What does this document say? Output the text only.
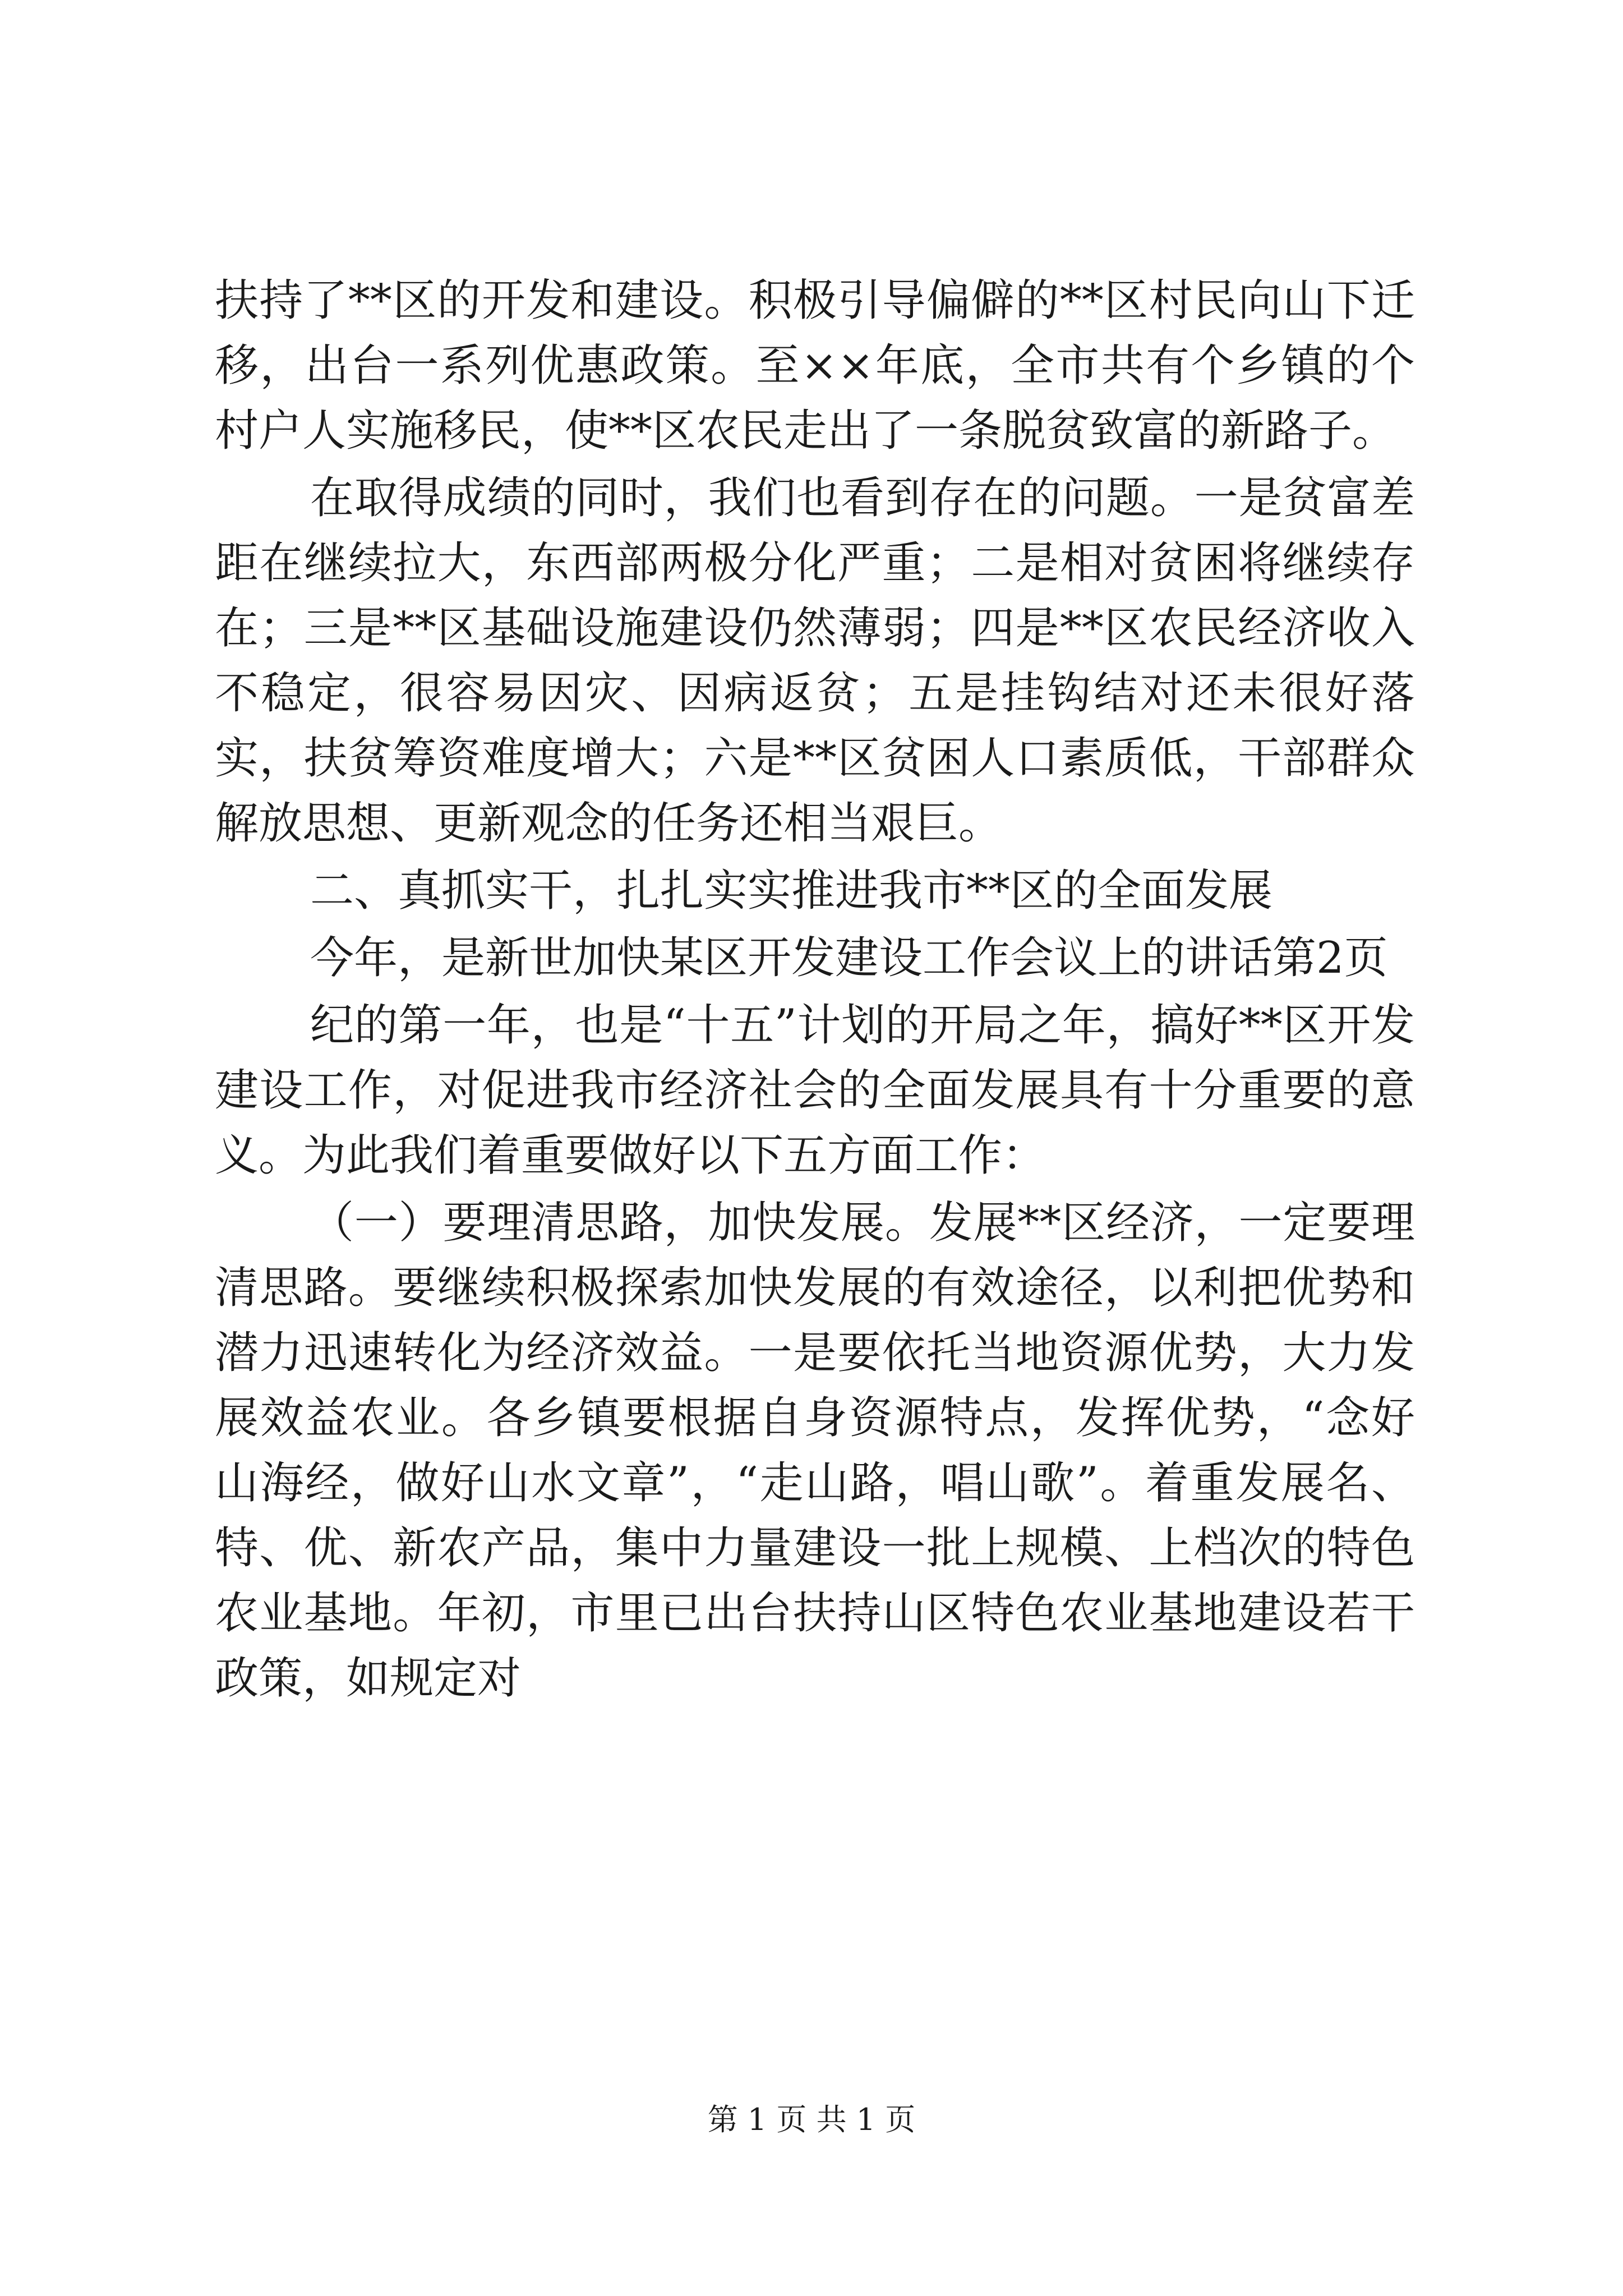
扶持了**区的开发和建设。积极引导偏僻的**区村民向山下迁移，出台一系列优惠政策。至××年底，全市共有个乡镇的个村户人实施移民，使**区农民走出了一条脱贫致富的新路子。

在取得成绩的同时，我们也看到存在的问题。一是贫富差距在继续拉大，东西部两极分化严重；二是相对贫困将继续存在；三是**区基础设施建设仍然薄弱；四是**区农民经济收入不稳定，很容易因灾、因病返贫；五是挂钩结对还未很好落实，扶贫筹资难度增大；六是**区贫困人口素质低，干部群众解放思想、更新观念的任务还相当艰巨。

二、真抓实干，扎扎实实推进我市**区的全面发展

今年，是新世加快某区开发建设工作会议上的讲话第2页

纪的第一年，也是“十五”计划的开局之年，搞好**区开发建设工作，对促进我市经济社会的全面发展具有十分重要的意义。为此我们着重要做好以下五方面工作：

（一）要理清思路，加快发展。发展**区经济，一定要理清思路。要继续积极探索加快发展的有效途径，以利把优势和潜力迅速转化为经济效益。一是要依托当地资源优势，大力发展效益农业。各乡镇要根据自身资源特点，发挥优势，“念好山海经，做好山水文章”，“走山路，唱山歌”。着重发展名、特、优、新农产品，集中力量建设一批上规模、上档次的特色农业基地。年初，市里已出台扶持山区特色农业基地建设若干政策，如规定对

第 1 页 共 1 页
